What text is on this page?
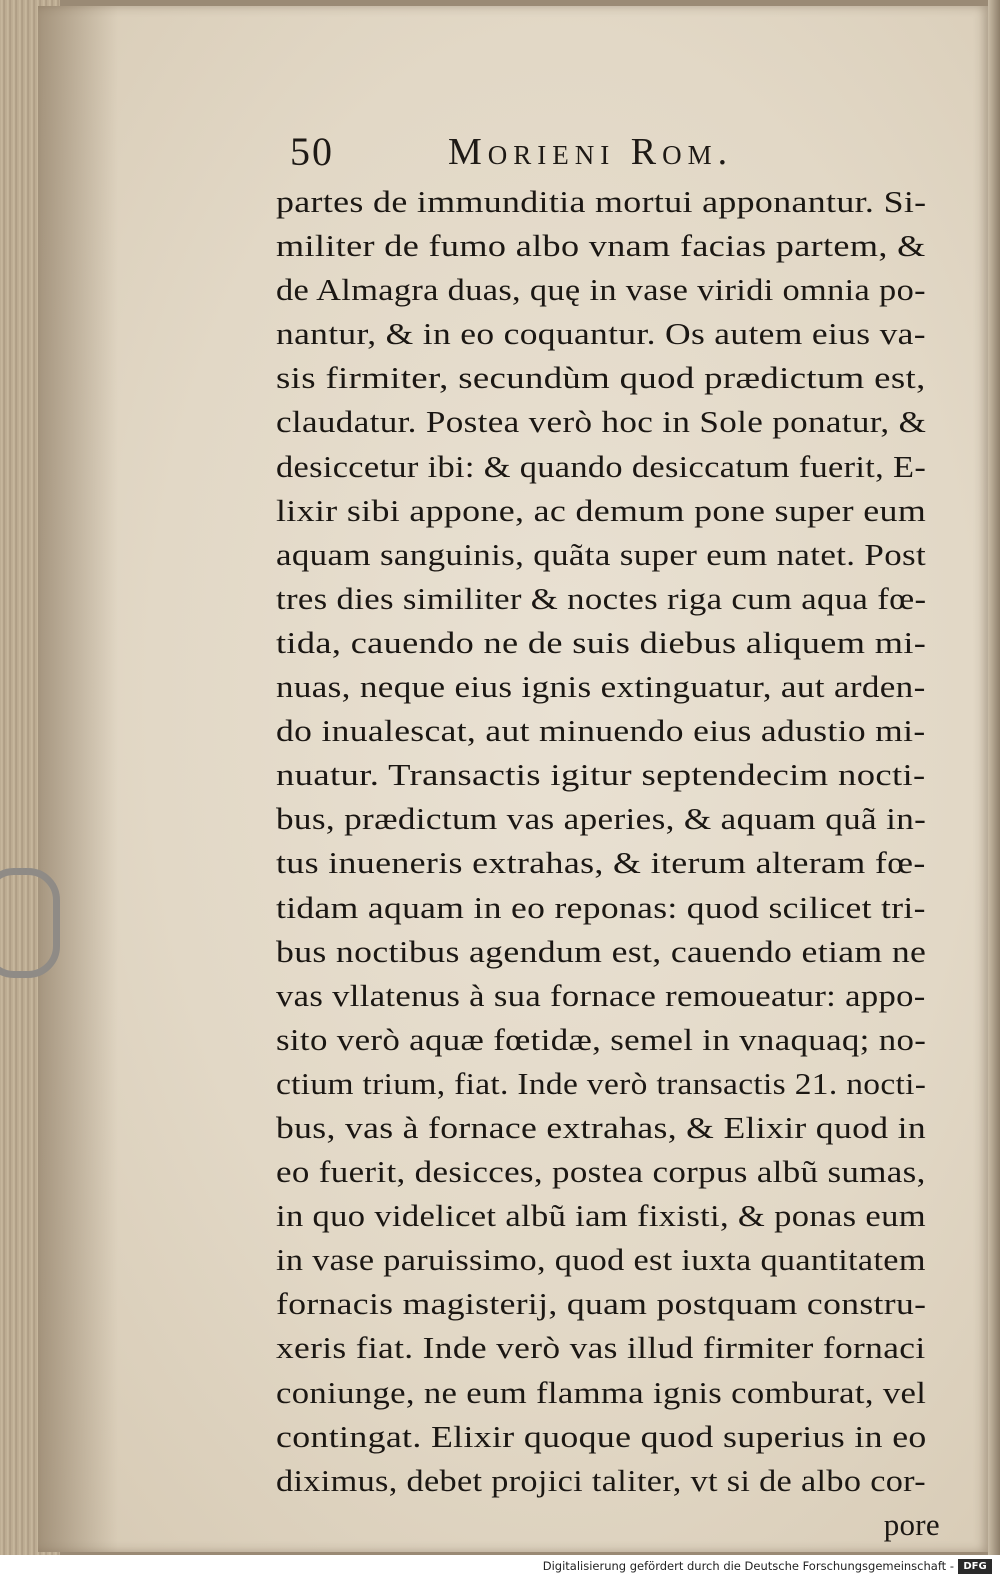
50	Morieni Rom.
partes de immunditia mortui apponantur. Si-
militer de fumo albo vnam facias partem, &
de Almagra duas, quę in vase viridi omnia po-
nantur, & in eo coquantur. Os autem eius va-
sis firmiter, secundùm quod prædictum est,
claudatur. Postea verò hoc in Sole ponatur, &
desiccetur ibi: & quando desiccatum fuerit, E-
lixir sibi appone, ac demum pone super eum
aquam sanguinis, quãta super eum natet. Post
tres dies similiter & noctes riga cum aqua fœ-
tida, cauendo ne de suis diebus aliquem mi-
nuas, neque eius ignis extinguatur, aut arden-
do inualescat, aut minuendo eius adustio mi-
nuatur. Transactis igitur septendecim nocti-
bus, prædictum vas aperies, & aquam quã in-
tus inueneris extrahas, & iterum alteram fœ-
tidam aquam in eo reponas: quod scilicet tri-
bus noctibus agendum est, cauendo etiam ne
vas vllatenus à sua fornace remoueatur: appo-
sito verò aquæ fœtidæ, semel in vnaquaq; no-
ctium trium, fiat. Inde verò transactis 21. nocti-
bus, vas à fornace extrahas, & Elixir quod in
eo fuerit, desicces, postea corpus albũ sumas,
in quo videlicet albũ iam fixisti, & ponas eum
in vase paruissimo, quod est iuxta quantitatem
fornacis magisterij, quam postquam constru-
xeris fiat. Inde verò vas illud firmiter fornaci
coniunge, ne eum flamma ignis comburat, vel
contingat. Elixir quoque quod superius in eo
diximus, debet projici taliter, vt si de albo cor-
pore
Digitalisierung gefördert durch die Deutsche Forschungsgemeinschaft - DFG
